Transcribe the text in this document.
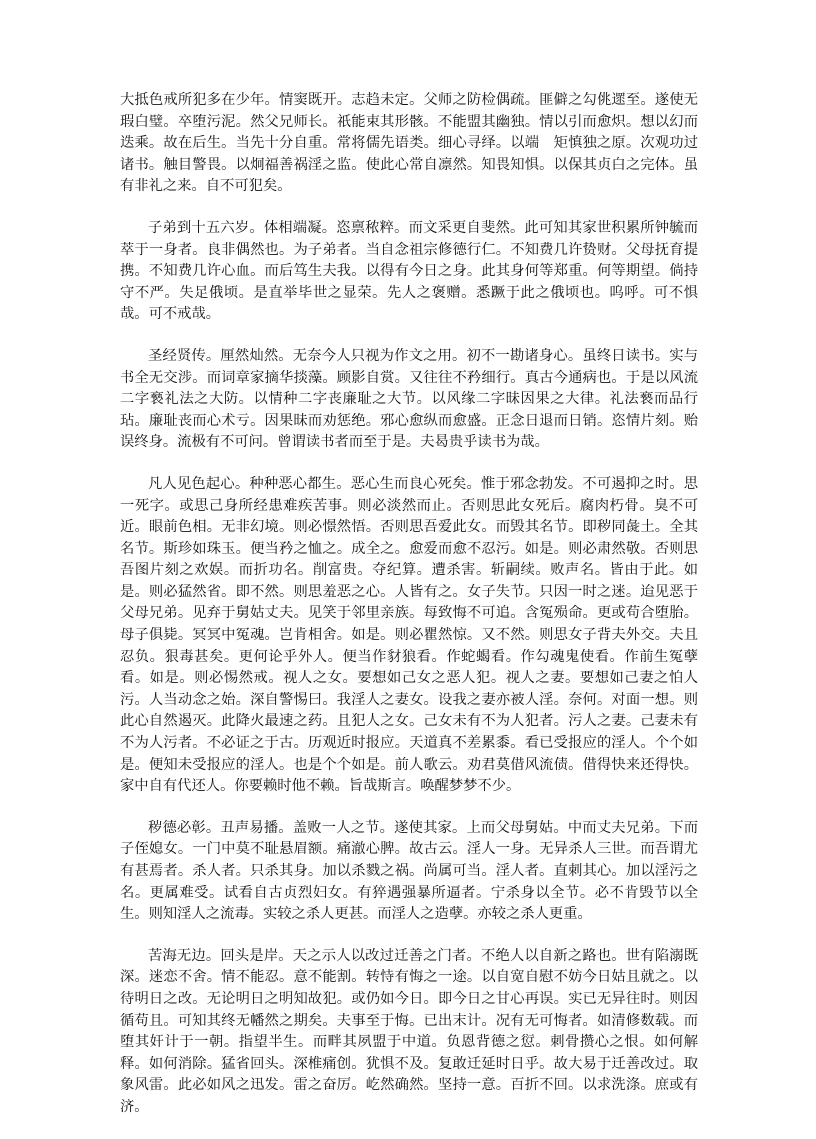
大抵色戒所犯多在少年。情窦既开。志趋未定。父师之防检偶疏。匪僻之勾佻遝至。遂使无瑕白璧。卒堕污泥。然父兄师长。祇能束其形骸。不能盟其幽独。情以引而愈炽。想以幻而迭乘。故在后生。当先十分自重。常将儒先语类。细心寻绎。以端　矩慎独之原。次观功过诸书。触目警畏。以炯福善祸淫之监。使此心常自凛然。知畏知惧。以保其贞白之完体。虽有非礼之来。自不可犯矣。

子弟到十五六岁。体相端凝。恣禀秾粹。而文采更自斐然。此可知其家世积累所钟毓而萃于一身者。良非偶然也。为子弟者。当自念祖宗修德行仁。不知费几许贽财。父母抚育提携。不知费几许心血。而后笃生夫我。以得有今日之身。此其身何等郑重。何等期望。倘持守不严。失足俄顷。是直举毕世之显荣。先人之褒赠。悉蹶于此之俄顷也。呜呼。可不惧哉。可不戒哉。

圣经贤传。厘然灿然。无奈今人只视为作文之用。初不一勘诸身心。虽终日读书。实与书全无交涉。而词章家摘华掞藻。顾影自赏。又往往不矜细行。真古今通病也。于是以风流二字䙝礼法之大防。以情种二字丧廉耻之大节。以风缘二字昧因果之大律。礼法䙝而品行玷。廉耻丧而心术亏。因果昧而劝惩绝。邪心愈纵而愈盛。正念日退而日销。恣情片刻。贻误终身。流极有不可问。曾谓读书者而至于是。夫曷贵乎读书为哉。

凡人见色起心。种种恶心都生。恶心生而良心死矣。惟于邪念勃发。不可遏抑之时。思一死字。或思己身所经患难疾苦事。则必淡然而止。否则思此女死后。腐肉朽骨。臭不可近。眼前色相。无非幻境。则必憬然悟。否则思吾爱此女。而毁其名节。即秽同彘土。全其名节。斯珍如珠玉。便当矜之恤之。成全之。愈爱而愈不忍污。如是。则必肃然敬。否则思吾图片刻之欢娱。而折功名。削富贵。夺纪算。遭杀害。斩嗣续。败声名。皆由于此。如是。则必猛然省。即不然。则思羞恶之心。人皆有之。女子失节。只因一时之迷。迨见恶于父母兄弟。见弃于舅姑丈夫。见笑于邻里亲族。每致悔不可追。含冤殒命。更或苟合堕胎。母子俱毙。冥冥中冤魂。岂肯相舍。如是。则必瞿然惊。又不然。则思女子背夫外交。夫且忍负。狠毒甚矣。更何论乎外人。便当作豺狼看。作蛇蝎看。作勾魂鬼使看。作前生冤孽看。如是。则必惕然戒。视人之女。要想如己女之恶人犯。视人之妻。要想如己妻之怕人污。人当动念之始。深自警惕曰。我淫人之妻女。设我之妻亦被人淫。奈何。对面一想。则此心自然遏灭。此降火最速之药。且犯人之女。己女未有不为人犯者。污人之妻。己妻未有不为人污者。不必证之于古。历观近时报应。天道真不差累黍。看已受报应的淫人。个个如是。便知未受报应的淫人。也是个个如是。前人歌云。劝君莫借风流债。借得快来还得快。家中自有代还人。你要赖时他不赖。旨哉斯言。唤醒梦梦不少。

秽德必彰。丑声易播。盖败一人之节。遂使其家。上而父母舅姑。中而丈夫兄弟。下而子侄媳女。一门中莫不耻悬眉额。痛澈心脾。故古云。淫人一身。无异杀人三世。而吾谓尤有甚焉者。杀人者。只杀其身。加以杀戮之祸。尚属可当。淫人者。直刺其心。加以淫污之名。更属难受。试看自古贞烈妇女。有猝遇强暴所逼者。宁杀身以全节。必不肯毁节以全生。则知淫人之流毒。实较之杀人更甚。而淫人之造孽。亦较之杀人更重。

苦海无边。回头是岸。天之示人以改过迁善之门者。不绝人以自新之路也。世有陷溺既深。迷恋不舍。情不能忍。意不能割。转恃有悔之一途。以自宽自慰不妨今日姑且就之。以待明日之改。无论明日之明知故犯。或仍如今日。即今日之甘心再误。实已无异往时。则因循苟且。可知其终无幡然之期矣。夫事至于悔。已出末计。况有无可悔者。如清修数载。而堕其奸计于一朝。指望半生。而畔其夙盟于中道。负恩背德之愆。刺骨攒心之恨。如何解释。如何消除。猛省回头。深椎痛创。犹惧不及。复敢迁延时日乎。故大易于迁善改过。取象风雷。此必如风之迅发。雷之奋厉。屹然确然。坚持一意。百折不回。以求洗涤。庶或有济。
